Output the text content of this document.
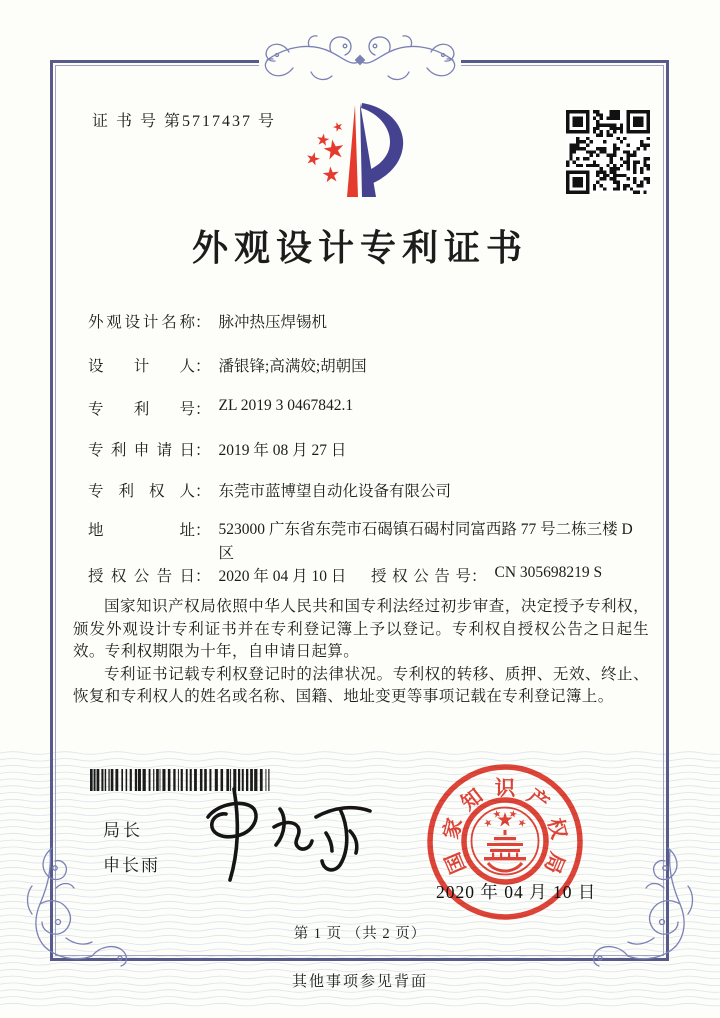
证 书 号 第5717437 号
外观设计专利证书
外观设计名称： 脉冲热压焊锡机
设计人： 潘银锋;高满姣;胡朝国
专利号： ZL 2019 3 0467842.1
专利申请日： 2019 年 08 月 27 日
专利权人： 东莞市蓝博望自动化设备有限公司
地址： 523000 广东省东莞市石碣镇石碣村同富西路 77 号二栋三楼 D 区
授权公告日： 2020 年 04 月 10 日 授权公告号： CN 305698219 S

国家知识产权局依照中华人民共和国专利法经过初步审查，决定授予专利权，颁发外观设计专利证书并在专利登记簿上予以登记。专利权自授权公告之日起生效。专利权期限为十年，自申请日起算。

专利证书记载专利权登记时的法律状况。专利权的转移、质押、无效、终止、恢复和专利权人的姓名或名称、国籍、地址变更等事项记载在专利登记簿上。

局长
申长雨	国
家
知 识 产
权
局
2020 年 04 月 10 日
第 1 页 （共 2 页）
其他事项参见背面
